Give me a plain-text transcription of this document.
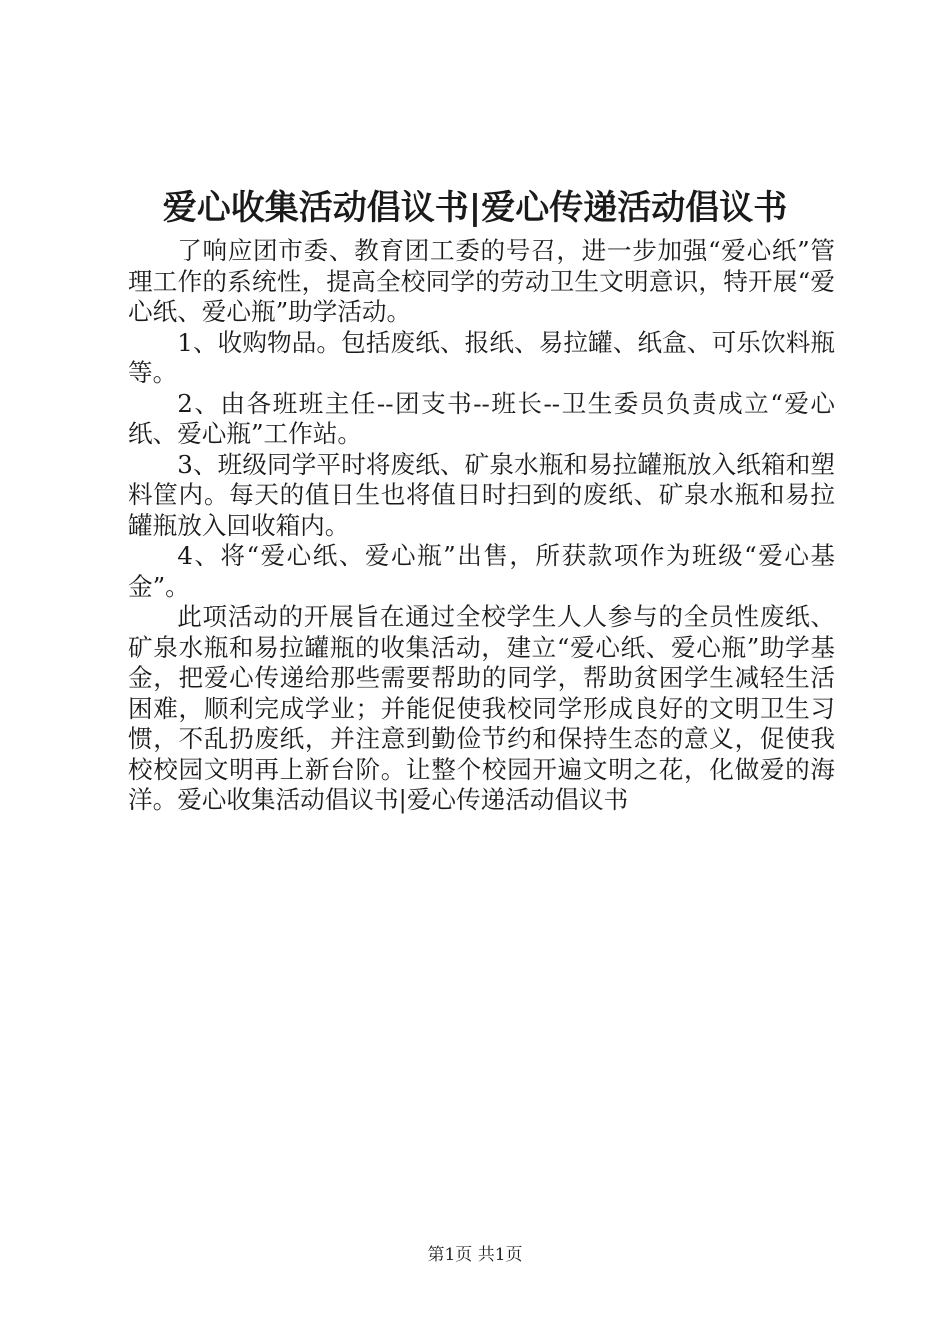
爱心收集活动倡议书|爱心传递活动倡议书

了响应团市委、教育团工委的号召，进一步加强“爱心纸”管理工作的系统性，提高全校同学的劳动卫生文明意识，特开展“爱心纸、爱心瓶”助学活动。

1、收购物品。包括废纸、报纸、易拉罐、纸盒、可乐饮料瓶等。

2、由各班班主任--团支书--班长--卫生委员负责成立“爱心纸、爱心瓶”工作站。

3、班级同学平时将废纸、矿泉水瓶和易拉罐瓶放入纸箱和塑料筐内。每天的值日生也将值日时扫到的废纸、矿泉水瓶和易拉罐瓶放入回收箱内。

4、将“爱心纸、爱心瓶”出售，所获款项作为班级“爱心基金”。

此项活动的开展旨在通过全校学生人人参与的全员性废纸、矿泉水瓶和易拉罐瓶的收集活动，建立“爱心纸、爱心瓶”助学基金，把爱心传递给那些需要帮助的同学，帮助贫困学生减轻生活困难，顺利完成学业；并能促使我校同学形成良好的文明卫生习惯，不乱扔废纸，并注意到勤俭节约和保持生态的意义，促使我校校园文明再上新台阶。让整个校园开遍文明之花，化做爱的海洋。爱心收集活动倡议书|爱心传递活动倡议书

第1页 共1页
